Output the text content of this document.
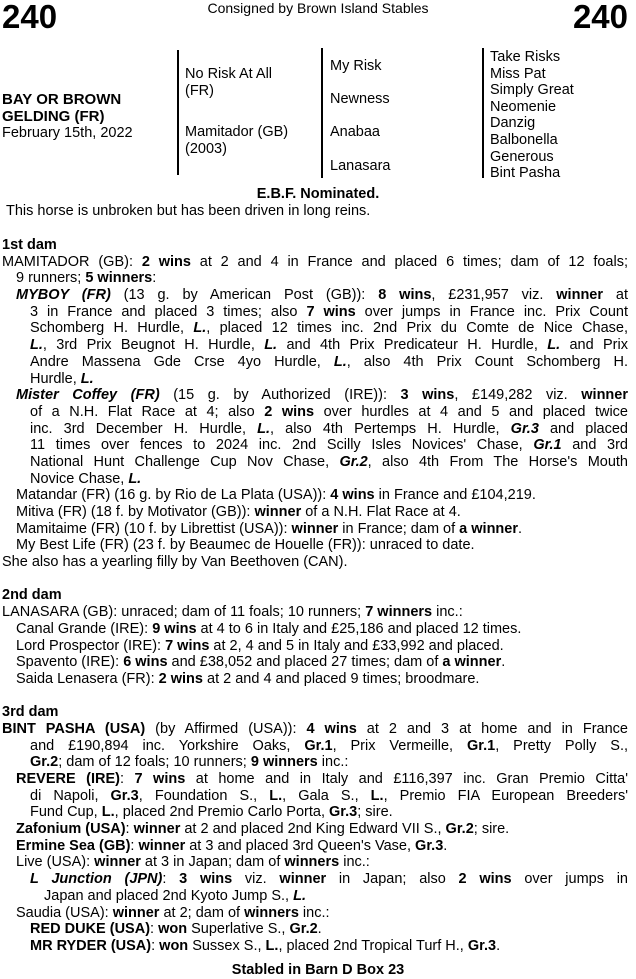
240	Consigned by Brown Island Stables	240
BAY OR BROWN
GELDING (FR)
February 15th, 2022
No Risk At All
(FR)
Mamitador (GB)
(2003)
My Risk
Newness
Anabaa
Lanasara
Take Risks
Miss Pat
Simply Great
Neomenie
Danzig
Balbonella
Generous
Bint Pasha
E.B.F. Nominated.
This horse is unbroken but has been driven in long reins.
1st dam
MAMITADOR (GB): 2 wins at 2 and 4 in France and placed 6 times; dam of 12 foals;
9 runners; 5 winners:
MYBOY (FR) (13 g. by American Post (GB)): 8 wins, £231,957 viz. winner at
3 in France and placed 3 times; also 7 wins over jumps in France inc. Prix Count
Schomberg H. Hurdle, L., placed 12 times inc. 2nd Prix du Comte de Nice Chase,
L., 3rd Prix Beugnot H. Hurdle, L. and 4th Prix Predicateur H. Hurdle, L. and Prix
Andre Massena Gde Crse 4yo Hurdle, L., also 4th Prix Count Schomberg H.
Hurdle, L.
Mister Coffey (FR) (15 g. by Authorized (IRE)): 3 wins, £149,282 viz. winner
of a N.H. Flat Race at 4; also 2 wins over hurdles at 4 and 5 and placed twice
inc. 3rd December H. Hurdle, L., also 4th Pertemps H. Hurdle, Gr.3 and placed
11 times over fences to 2024 inc. 2nd Scilly Isles Novices' Chase, Gr.1 and 3rd
National Hunt Challenge Cup Nov Chase, Gr.2, also 4th From The Horse's Mouth
Novice Chase, L.
Matandar (FR) (16 g. by Rio de La Plata (USA)): 4 wins in France and £104,219.
Mitiva (FR) (18 f. by Motivator (GB)): winner of a N.H. Flat Race at 4.
Mamitaime (FR) (10 f. by Librettist (USA)): winner in France; dam of a winner.
My Best Life (FR) (23 f. by Beaumec de Houelle (FR)): unraced to date.
She also has a yearling filly by Van Beethoven (CAN).
2nd dam
LANASARA (GB): unraced; dam of 11 foals; 10 runners; 7 winners inc.:
Canal Grande (IRE): 9 wins at 4 to 6 in Italy and £25,186 and placed 12 times.
Lord Prospector (IRE): 7 wins at 2, 4 and 5 in Italy and £33,992 and placed.
Spavento (IRE): 6 wins and £38,052 and placed 27 times; dam of a winner.
Saida Lenasera (FR): 2 wins at 2 and 4 and placed 9 times; broodmare.
3rd dam
BINT PASHA (USA) (by Affirmed (USA)): 4 wins at 2 and 3 at home and in France
and £190,894 inc. Yorkshire Oaks, Gr.1, Prix Vermeille, Gr.1, Pretty Polly S.,
Gr.2; dam of 12 foals; 10 runners; 9 winners inc.:
REVERE (IRE): 7 wins at home and in Italy and £116,397 inc. Gran Premio Citta'
di Napoli, Gr.3, Foundation S., L., Gala S., L., Premio FIA European Breeders'
Fund Cup, L., placed 2nd Premio Carlo Porta, Gr.3; sire.
Zafonium (USA): winner at 2 and placed 2nd King Edward VII S., Gr.2; sire.
Ermine Sea (GB): winner at 3 and placed 3rd Queen's Vase, Gr.3.
Live (USA): winner at 3 in Japan; dam of winners inc.:
L Junction (JPN): 3 wins viz. winner in Japan; also 2 wins over jumps in
Japan and placed 2nd Kyoto Jump S., L.
Saudia (USA): winner at 2; dam of winners inc.:
RED DUKE (USA): won Superlative S., Gr.2.
MR RYDER (USA): won Sussex S., L., placed 2nd Tropical Turf H., Gr.3.
Stabled in Barn D Box 23
